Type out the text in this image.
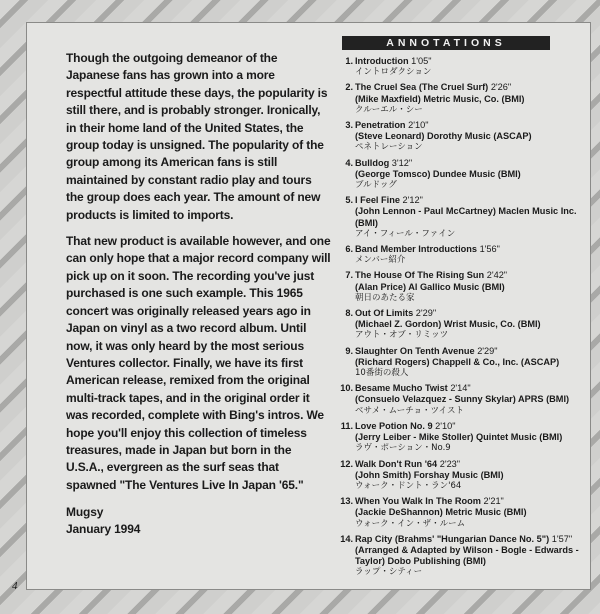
Though the outgoing demeanor of the Japanese fans has grown into a more respectful attitude these days, the popularity is still there, and is probably stronger. Ironically, in their home land of the United States, the group today is unsigned. The popularity of the group among its American fans is still maintained by constant radio play and tours the group does each year. The amount of new products is limited to imports.

That new product is available however, and one can only hope that a major record company will pick up on it soon. The recording you've just purchased is one such example. This 1965 concert was originally released years ago in Japan on vinyl as a two record album. Until now, it was only heard by the most serious Ventures collector. Finally, we have its first American release, remixed from the original multi-track tapes, and in the original order it was recorded, complete with Bing's intros. We hope you'll enjoy this collection of timeless treasures, made in Japan but born in the U.S.A., evergreen as the surf seas that spawned "The Ventures Live In Japan '65."

Mugsy
January 1994
ANNOTATIONS
1. Introduction 1'05"
イントロダクション
2. The Cruel Sea (The Cruel Surf) 2'26"
(Mike Maxfield) Metric Music, Co. (BMI)
クルーエル・シー
3. Penetration 2'10"
(Steve Leonard) Dorothy Music (ASCAP)
ペネトレーション
4. Bulldog 3'12"
(George Tomsco) Dundee Music (BMI)
ブルドッグ
5. I Feel Fine 2'12"
(John Lennon - Paul McCartney) Maclen Music Inc. (BMI)
アイ・フィール・ファイン
6. Band Member Introductions 1'56"
メンバー紹介
7. The House Of The Rising Sun 2'42"
(Alan Price) Al Gallico Music (BMI)
朝日のあたる家
8. Out Of Limits 2'29"
(Michael Z. Gordon) Wrist Music, Co. (BMI)
アウト・オブ・リミッツ
9. Slaughter On Tenth Avenue 2'29"
(Richard Rogers) Chappell & Co., Inc. (ASCAP)
10番街の殺人
10. Besame Mucho Twist 2'14"
(Consuelo Velazquez - Sunny Skylar) APRS (BMI)
ベサメ・ムーチョ・ツイスト
11. Love Potion No. 9 2'10"
(Jerry Leiber - Mike Stoller) Quintet Music (BMI)
ラヴ・ポーション・No.9
12. Walk Don't Run '64 2'23"
(John Smith) Forshay Music (BMI)
ウォーク・ドント・ラン'64
13. When You Walk In The Room 2'21"
(Jackie DeShannon) Metric Music (BMI)
ウォーク・イン・ザ・ルーム
14. Rap City (Brahms' "Hungarian Dance No. 5") 1'57"
(Arranged & Adapted by Wilson - Bogle - Edwards - Taylor) Dobo Publishing (BMI)
ラップ・シティー
4
